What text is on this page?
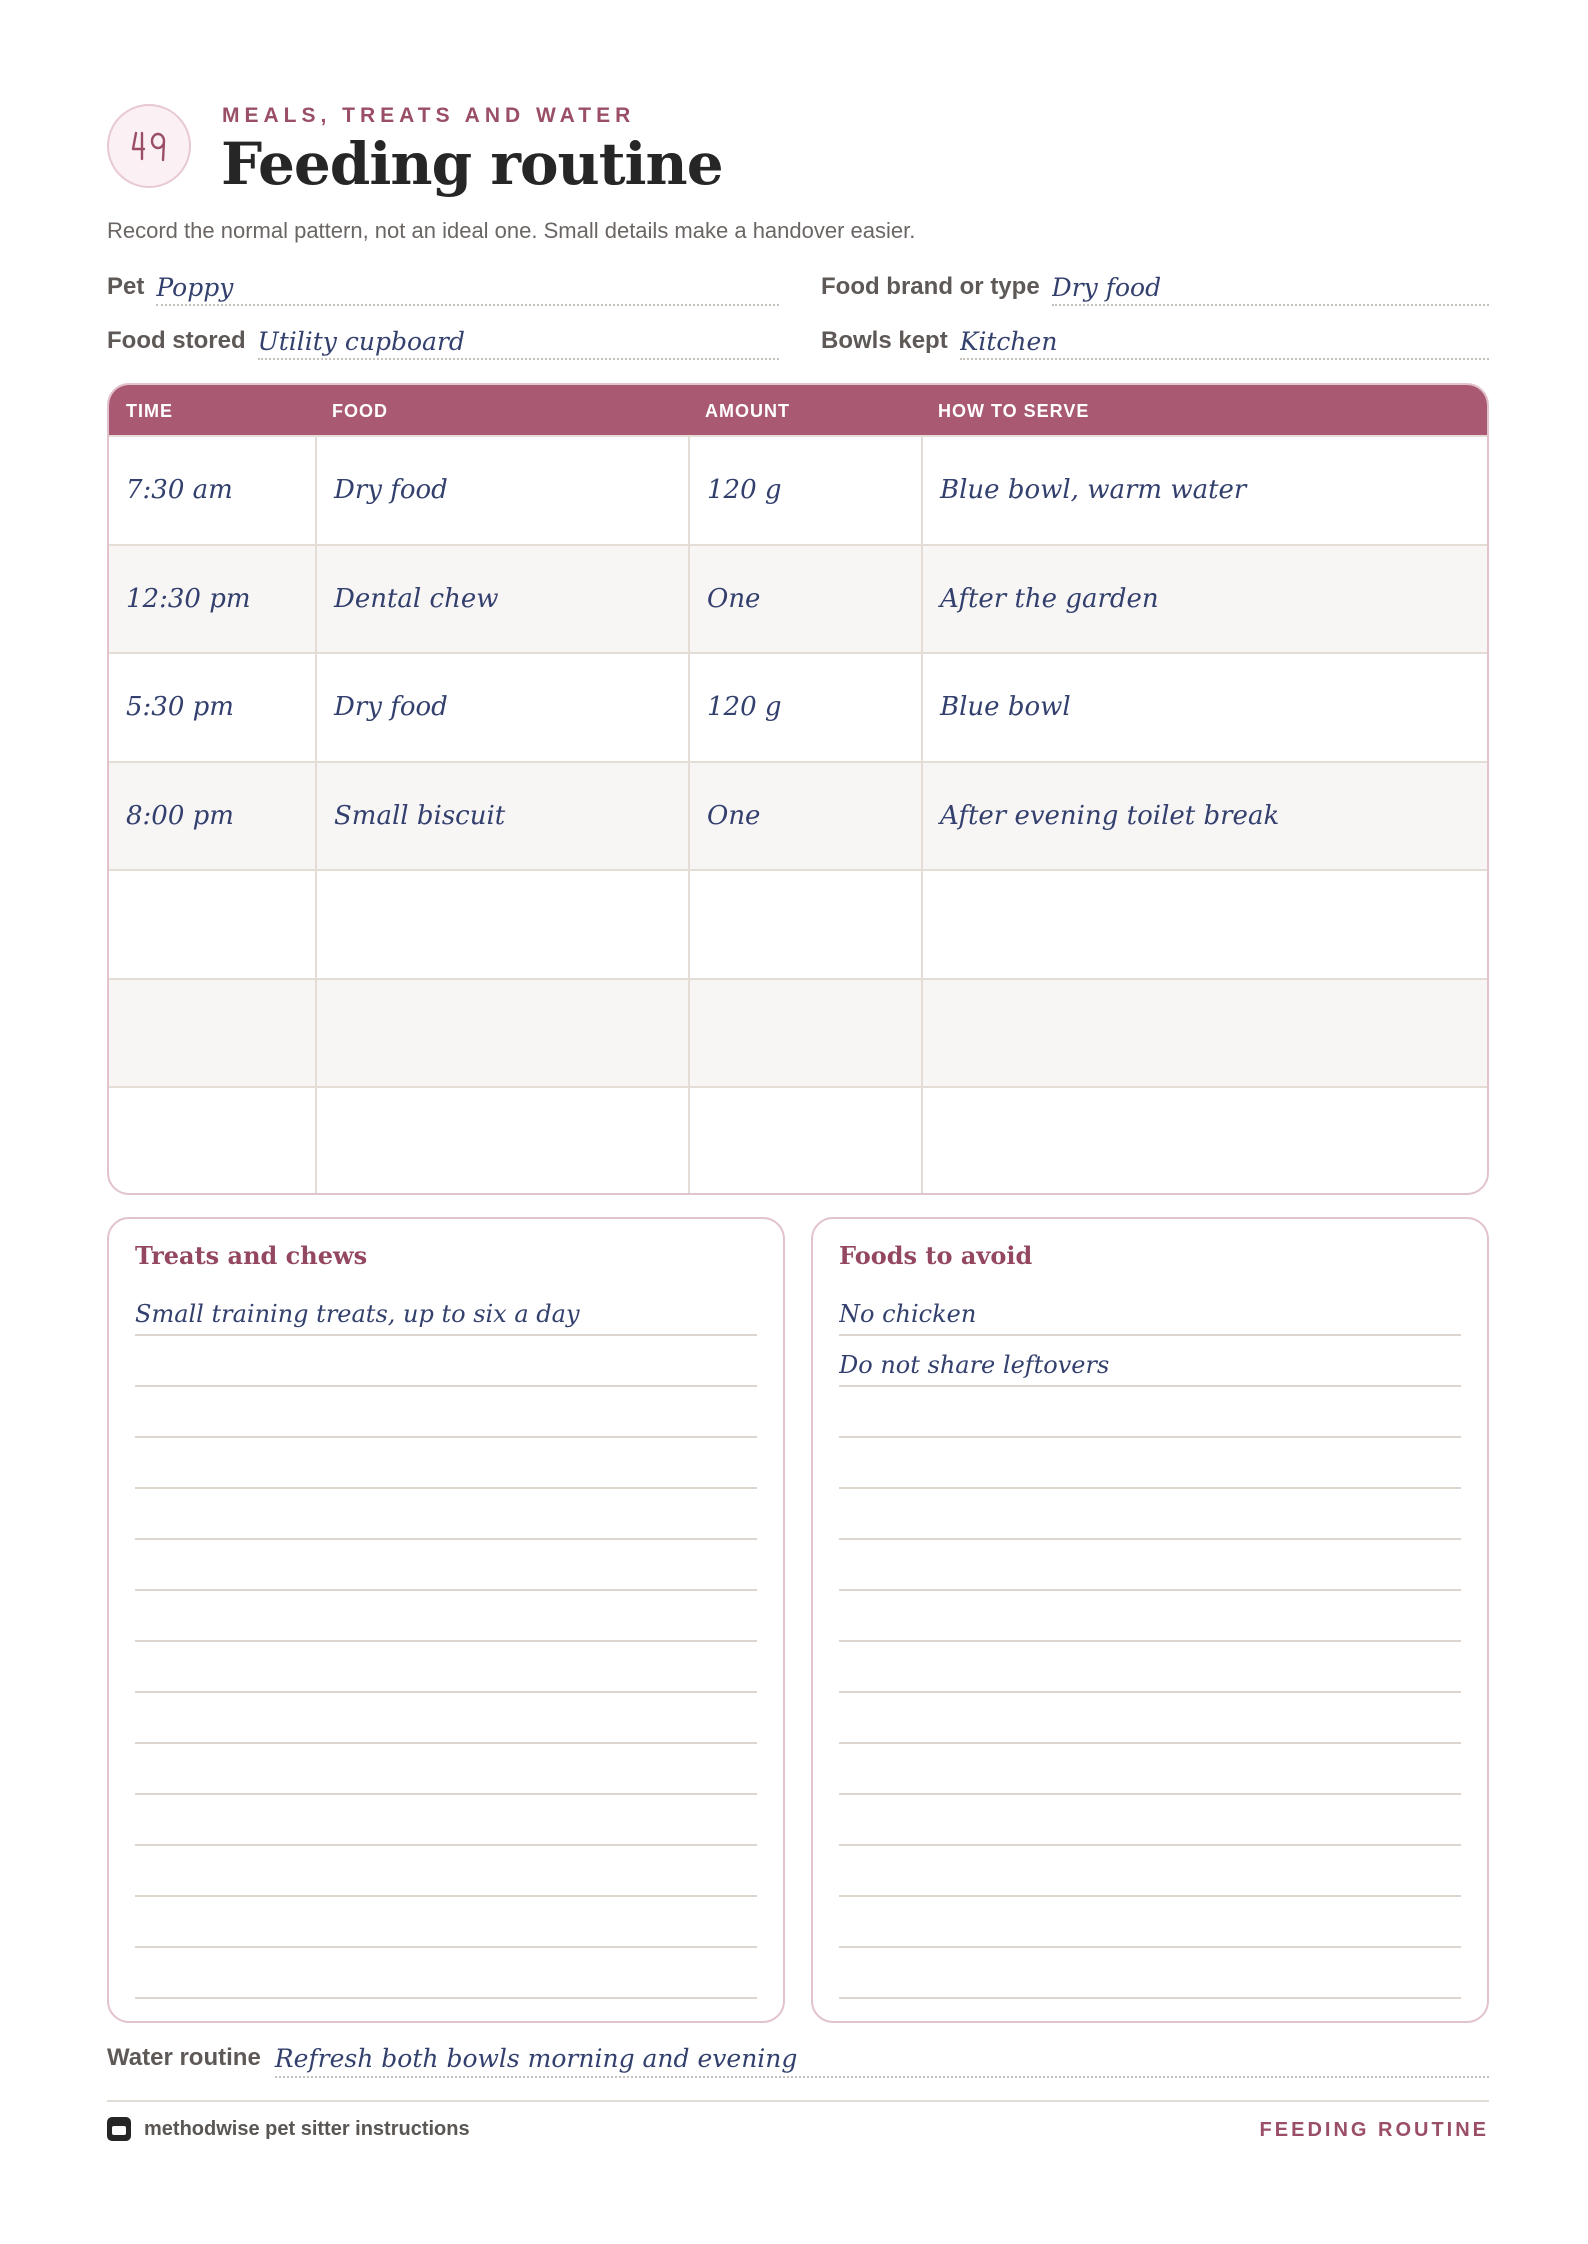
MEALS, TREATS AND WATER
Feeding routine
Record the normal pattern, not an ideal one. Small details make a handover easier.
Pet Poppy	Food brand or type Dry food
Food stored Utility cupboard	Bowls kept Kitchen
TIME	FOOD	AMOUNT	HOW TO SERVE
7:30 am	Dry food	120 g	Blue bowl, warm water
12:30 pm	Dental chew	One	After the garden
5:30 pm	Dry food	120 g	Blue bowl
8:00 pm	Small biscuit	One	After evening toilet break
Treats and chews
Small training treats, up to six a day
Foods to avoid
No chicken
Do not share leftovers
Water routine Refresh both bowls morning and evening
methodwise pet sitter instructions	FEEDING ROUTINE
